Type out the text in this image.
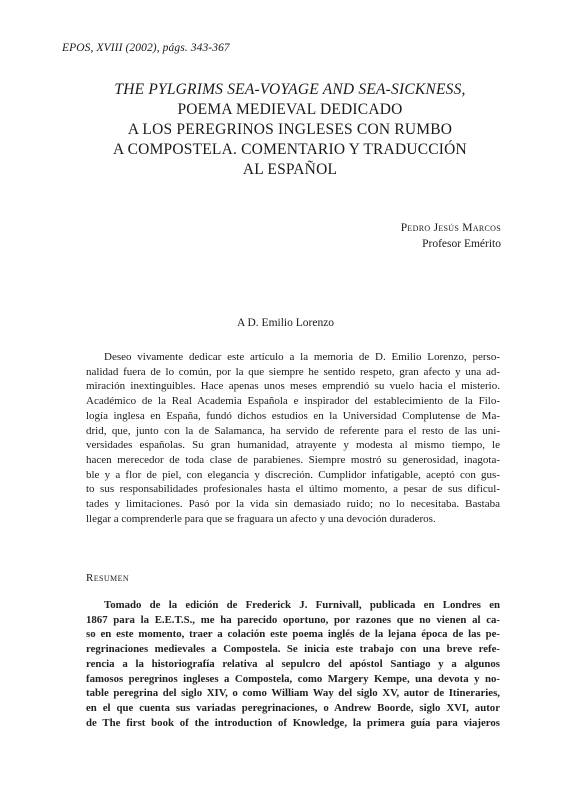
EPOS, XVIII (2002), págs. 343-367
THE PYLGRIMS SEA-VOYAGE AND SEA-SICKNESS,
POEMA MEDIEVAL DEDICADO
A LOS PEREGRINOS INGLESES CON RUMBO
A COMPOSTELA. COMENTARIO Y TRADUCCIÓN
AL ESPAÑOL
Pedro Jesús Marcos
Profesor Emérito
A D. Emilio Lorenzo
Deseo vivamente dedicar este artículo a la memoria de D. Emilio Lorenzo, perso-
nalidad fuera de lo común, por la que siempre he sentido respeto, gran afecto y una ad-
miración inextinguibles. Hace apenas unos meses emprendió su vuelo hacia el misterio.
Académico de la Real Academia Española e inspirador del establecimiento de la Filo-
logía inglesa en España, fundó dichos estudios en la Universidad Complutense de Ma-
drid, que, junto con la de Salamanca, ha servido de referente para el resto de las uni-
versidades españolas. Su gran humanidad, atrayente y modesta al mismo tiempo, le
hacen merecedor de toda clase de parabienes. Siempre mostró su generosidad, inagota-
ble y a flor de piel, con elegancia y discreción. Cumplidor infatigable, aceptó con gus-
to sus responsabilidades profesionales hasta el último momento, a pesar de sus dificul-
tades y limitaciones. Pasó por la vida sin demasiado ruido; no lo necesitaba. Bastaba
llegar a comprenderle para que se fraguara un afecto y una devoción duraderos.
Resumen
Tomado de la edición de Frederick J. Furnivall, publicada en Londres en
1867 para la E.E.T.S., me ha parecido oportuno, por razones que no vienen al ca-
so en este momento, traer a colación este poema inglés de la lejana época de las pe-
regrinaciones medievales a Compostela. Se inicia este trabajo con una breve refe-
rencia a la historiografía relativa al sepulcro del apóstol Santiago y a algunos
famosos peregrinos ingleses a Compostela, como Margery Kempe, una devota y no-
table peregrina del siglo XIV, o como William Way del siglo XV, autor de Itineraries,
en el que cuenta sus variadas peregrinaciones, o Andrew Boorde, siglo XVI, autor
de The first book of the introduction of Knowledge, la primera guía para viajeros
